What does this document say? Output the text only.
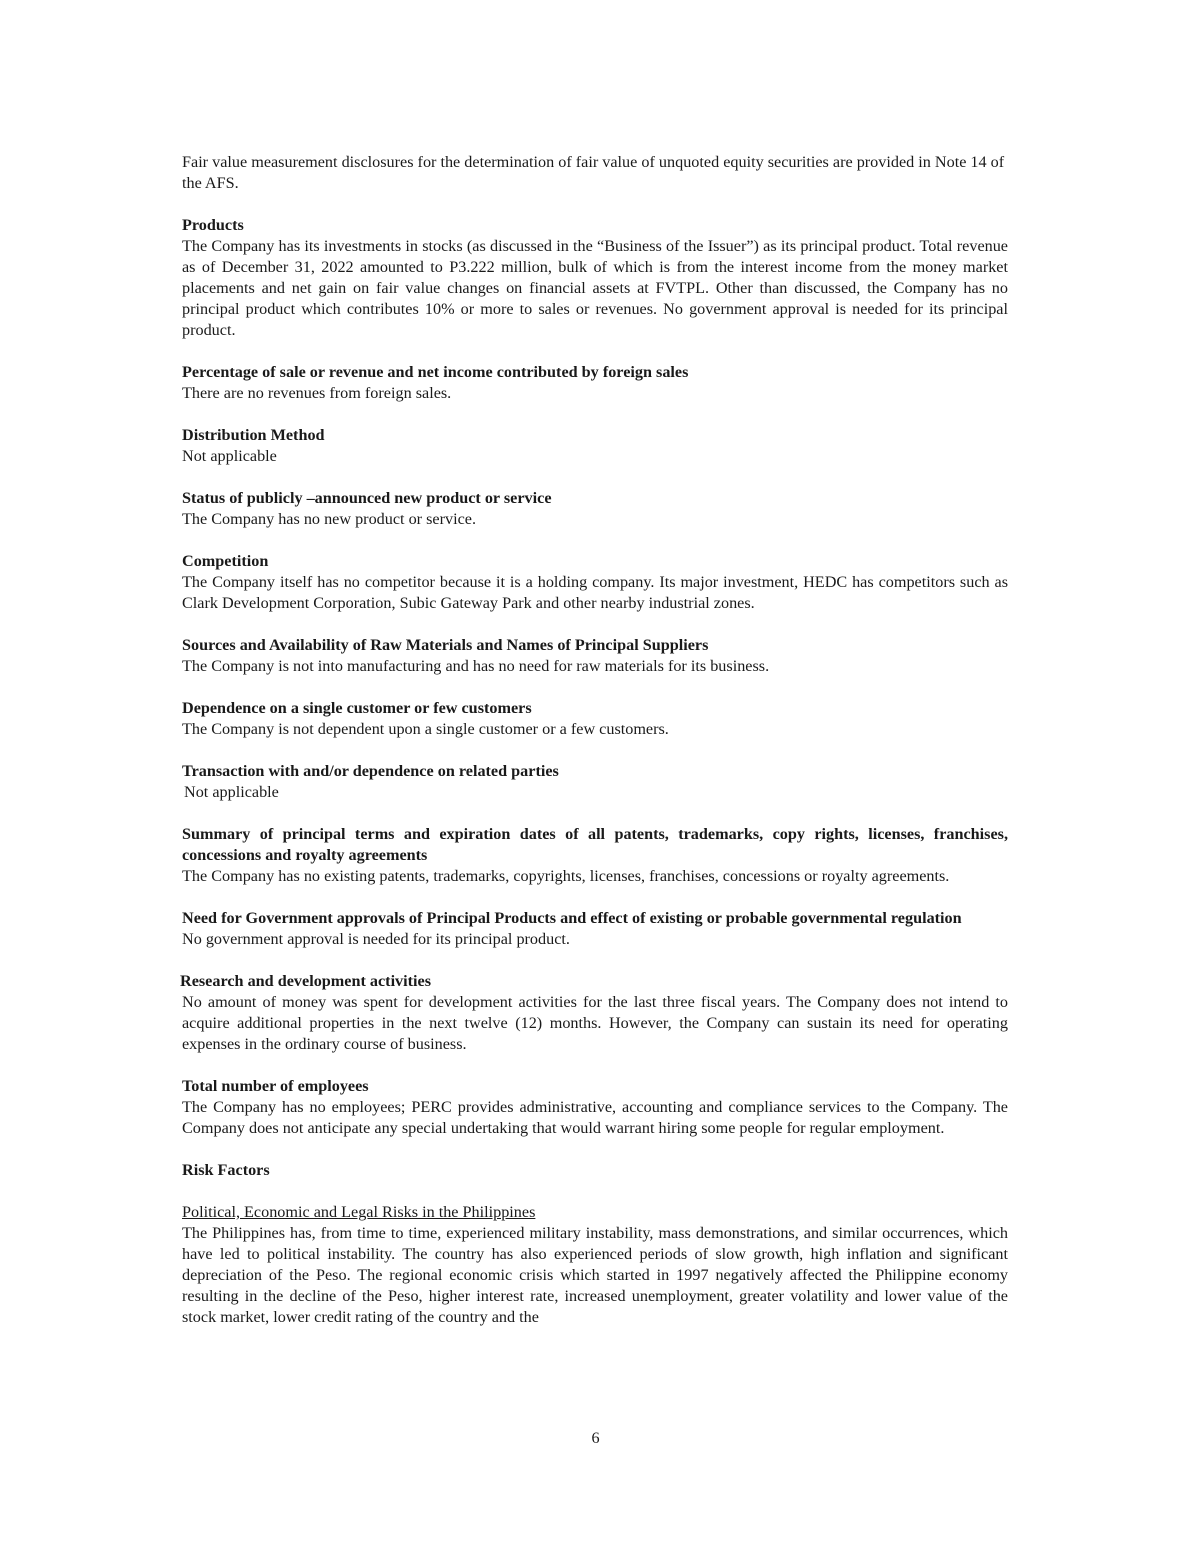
Fair value measurement disclosures for the determination of fair value of unquoted equity securities are provided in Note 14 of the AFS.
Products
The Company has its investments in stocks (as discussed in the “Business of the Issuer”) as its principal product. Total revenue as of December 31, 2022 amounted to P3.222 million, bulk of which is from the interest income from the money market placements and net gain on fair value changes on financial assets at FVTPL. Other than discussed, the Company has no principal product which contributes 10% or more to sales or revenues. No government approval is needed for its principal product.
Percentage of sale or revenue and net income contributed by foreign sales
There are no revenues from foreign sales.
Distribution Method
Not applicable
Status of publicly –announced new product or service
The Company has no new product or service.
Competition
The Company itself has no competitor because it is a holding company. Its major investment, HEDC has competitors such as Clark Development Corporation, Subic Gateway Park and other nearby industrial zones.
Sources and Availability of Raw Materials and Names of Principal Suppliers
The Company is not into manufacturing and has no need for raw materials for its business.
Dependence on a single customer or few customers
The Company is not dependent upon a single customer or a few customers.
Transaction with and/or dependence on related parties
Not applicable
Summary of principal terms and expiration dates of all patents, trademarks, copy rights, licenses, franchises, concessions and royalty agreements
The Company has no existing patents, trademarks, copyrights, licenses, franchises, concessions or royalty agreements.
Need for Government approvals of Principal Products and effect of existing or probable governmental regulation
No government approval is needed for its principal product.
Research and development activities
No amount of money was spent for development activities for the last three fiscal years. The Company does not intend to acquire additional properties in the next twelve (12) months. However, the Company can sustain its need for operating expenses in the ordinary course of business.
Total number of employees
The Company has no employees; PERC provides administrative, accounting and compliance services to the Company. The Company does not anticipate any special undertaking that would warrant hiring some people for regular employment.
Risk Factors
Political, Economic and Legal Risks in the Philippines
The Philippines has, from time to time, experienced military instability, mass demonstrations, and similar occurrences, which have led to political instability. The country has also experienced periods of slow growth, high inflation and significant depreciation of the Peso. The regional economic crisis which started in 1997 negatively affected the Philippine economy resulting in the decline of the Peso, higher interest rate, increased unemployment, greater volatility and lower value of the stock market, lower credit rating of the country and the
6
